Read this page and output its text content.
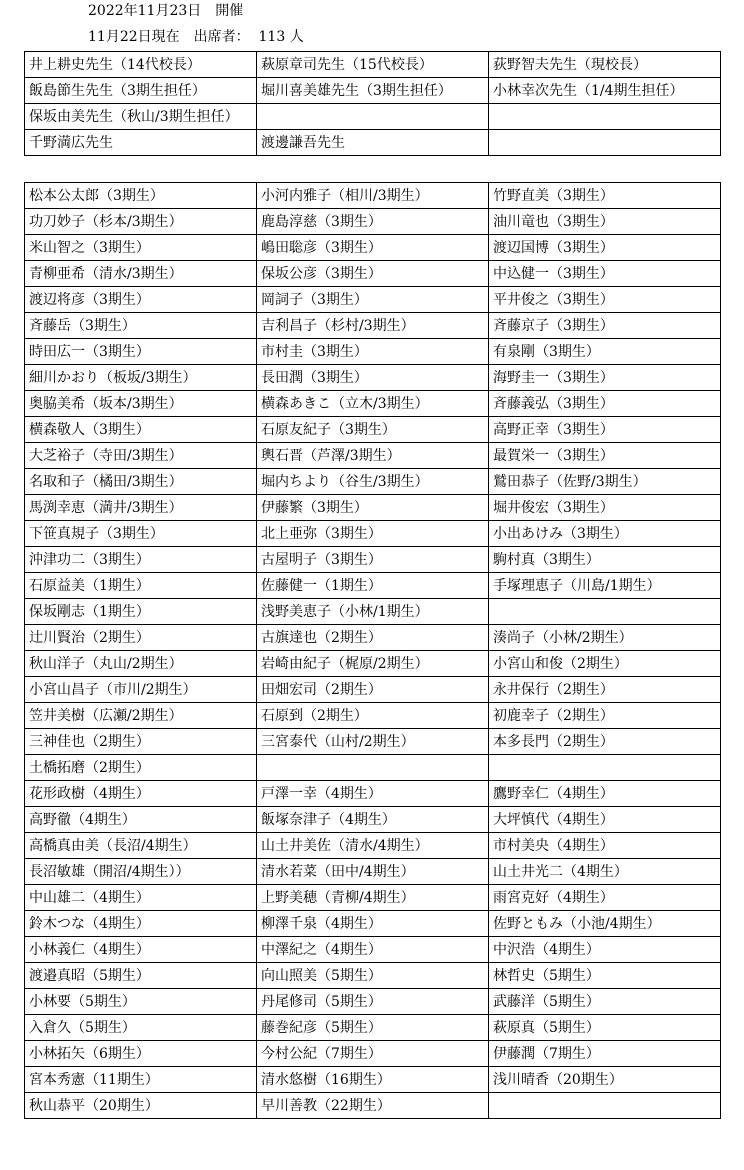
2022年11月23日　開催
11月22日現在　出席者：  113 人
井上耕史先生（14代校長）	萩原章司先生（15代校長）	荻野智夫先生（現校長）
飯島節生先生（3期生担任）	堀川喜美雄先生（3期生担任）	小林幸次先生（1/4期生担任）
保坂由美先生（秋山/3期生担任）		
千野満広先生	渡邊謙吾先生	
松本公太郎（3期生）	小河内雅子（相川/3期生）	竹野直美（3期生）
功刀妙子（杉本/3期生）	鹿島淳慈（3期生）	油川竜也（3期生）
米山智之（3期生）	嶋田聡彦（3期生）	渡辺国博（3期生）
青柳亜希（清水/3期生）	保坂公彦（3期生）	中込健一（3期生）
渡辺将彦（3期生）	岡詞子（3期生）	平井俊之（3期生）
斉藤岳（3期生）	吉利昌子（杉村/3期生）	斉藤京子（3期生）
時田広一（3期生）	市村圭（3期生）	有泉剛（3期生）
細川かおり（板坂/3期生）	長田潤（3期生）	海野圭一（3期生）
奥脇美希（坂本/3期生）	横森あきこ（立木/3期生）	斉藤義弘（3期生）
横森敬人（3期生）	石原友紀子（3期生）	高野正幸（3期生）
大芝裕子（寺田/3期生）	輿石晋（芦澤/3期生）	最賀栄一（3期生）
名取和子（橘田/3期生）	堀内ちより（谷生/3期生）	鷲田恭子（佐野/3期生）
馬渕幸恵（満井/3期生）	伊藤繁（3期生）	堀井俊宏（3期生）
下笹真規子（3期生）	北上亜弥（3期生）	小出あけみ（3期生）
沖津功二（3期生）	古屋明子（3期生）	駒村真（3期生）
石原益美（1期生）	佐藤健一（1期生）	手塚理恵子（川島/1期生）
保坂剛志（1期生）	浅野美恵子（小林/1期生）	
辻川賢治（2期生）	古旗達也（2期生）	湊尚子（小林/2期生）
秋山洋子（丸山/2期生）	岩崎由紀子（梶原/2期生）	小宮山和俊（2期生）
小宮山昌子（市川/2期生）	田畑宏司（2期生）	永井保行（2期生）
笠井美樹（広瀬/2期生）	石原到（2期生）	初鹿幸子（2期生）
三神佳也（2期生）	三宮泰代（山村/2期生）	本多長門（2期生）
土橋拓磨（2期生）		
花形政樹（4期生）	戸澤一幸（4期生）	鷹野幸仁（4期生）
高野徹（4期生）	飯塚奈津子（4期生）	大坪慎代（4期生）
高橋真由美（長沼/4期生）	山土井美佐（清水/4期生）	市村美央（4期生）
長沼敏雄（開沼/4期生））	清水若菜（田中/4期生）	山土井光二（4期生）
中山雄二（4期生）	上野美穂（青柳/4期生）	雨宮克好（4期生）
鈴木つな（4期生）	柳澤千泉（4期生）	佐野ともみ（小池/4期生）
小林義仁（4期生）	中澤紀之（4期生）	中沢浩（4期生）
渡邉真昭（5期生）	向山照美（5期生）	林哲史（5期生）
小林要（5期生）	丹尾修司（5期生）	武藤洋（5期生）
入倉久（5期生）	藤巻紀彦（5期生）	萩原真（5期生）
小林拓矢（6期生）	今村公紀（7期生）	伊藤潤（7期生）
宮本秀憲（11期生）	清水悠樹（16期生）	浅川晴香（20期生）
秋山恭平（20期生）	早川善教（22期生）	
